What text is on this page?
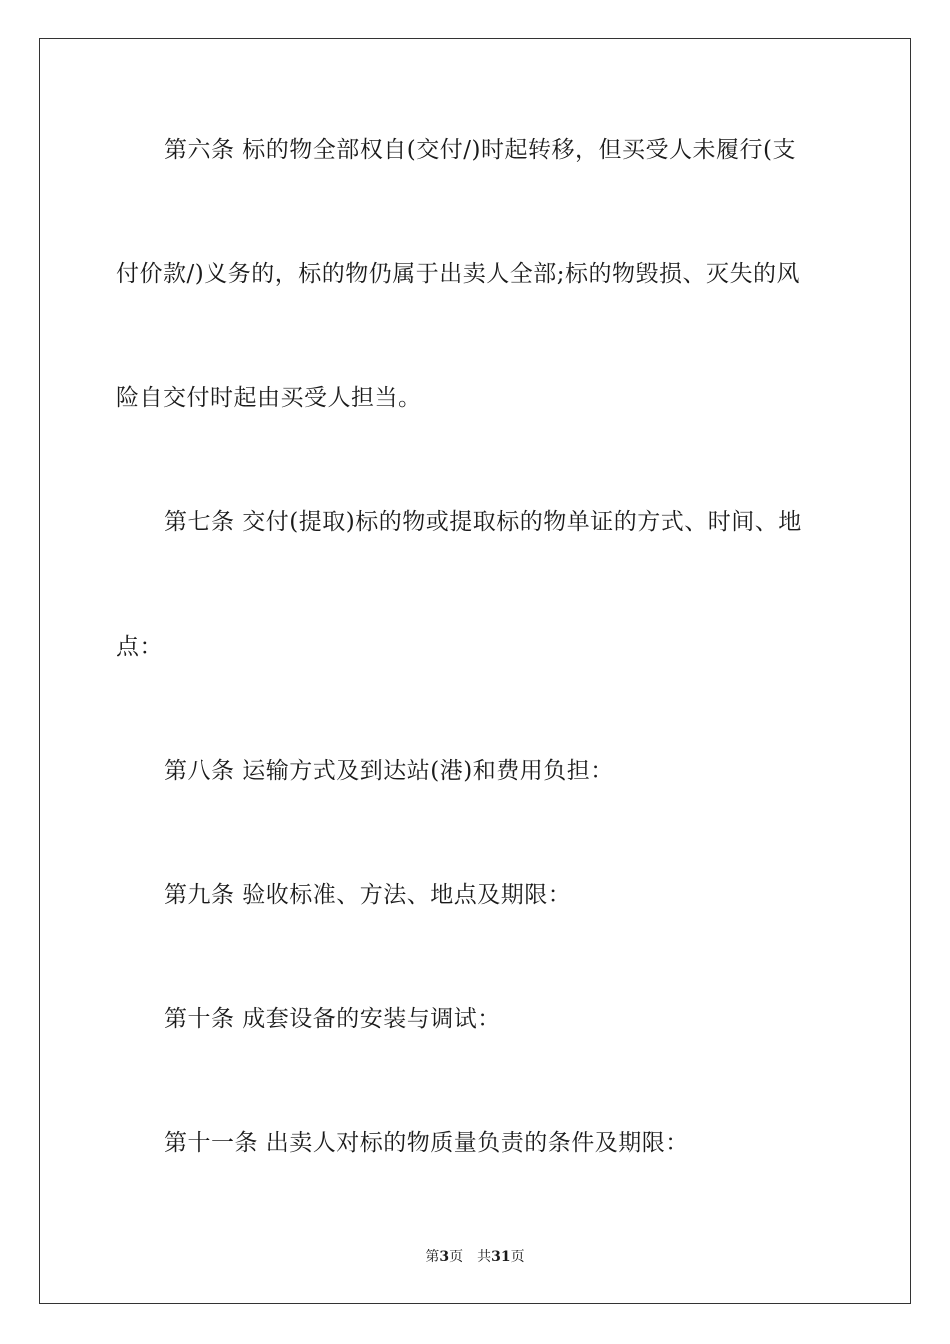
第六条 标的物全部权自(交付/)时起转移，但买受人未履行(支
付价款/)义务的，标的物仍属于出卖人全部;标的物毁损、灭失的风
险自交付时起由买受人担当。
第七条 交付(提取)标的物或提取标的物单证的方式、时间、地
点：
第八条 运输方式及到达站(港)和费用负担：
第九条 验收标准、方法、地点及期限：
第十条 成套设备的安装与调试：
第十一条 出卖人对标的物质量负责的条件及期限：
第3页 共31页
